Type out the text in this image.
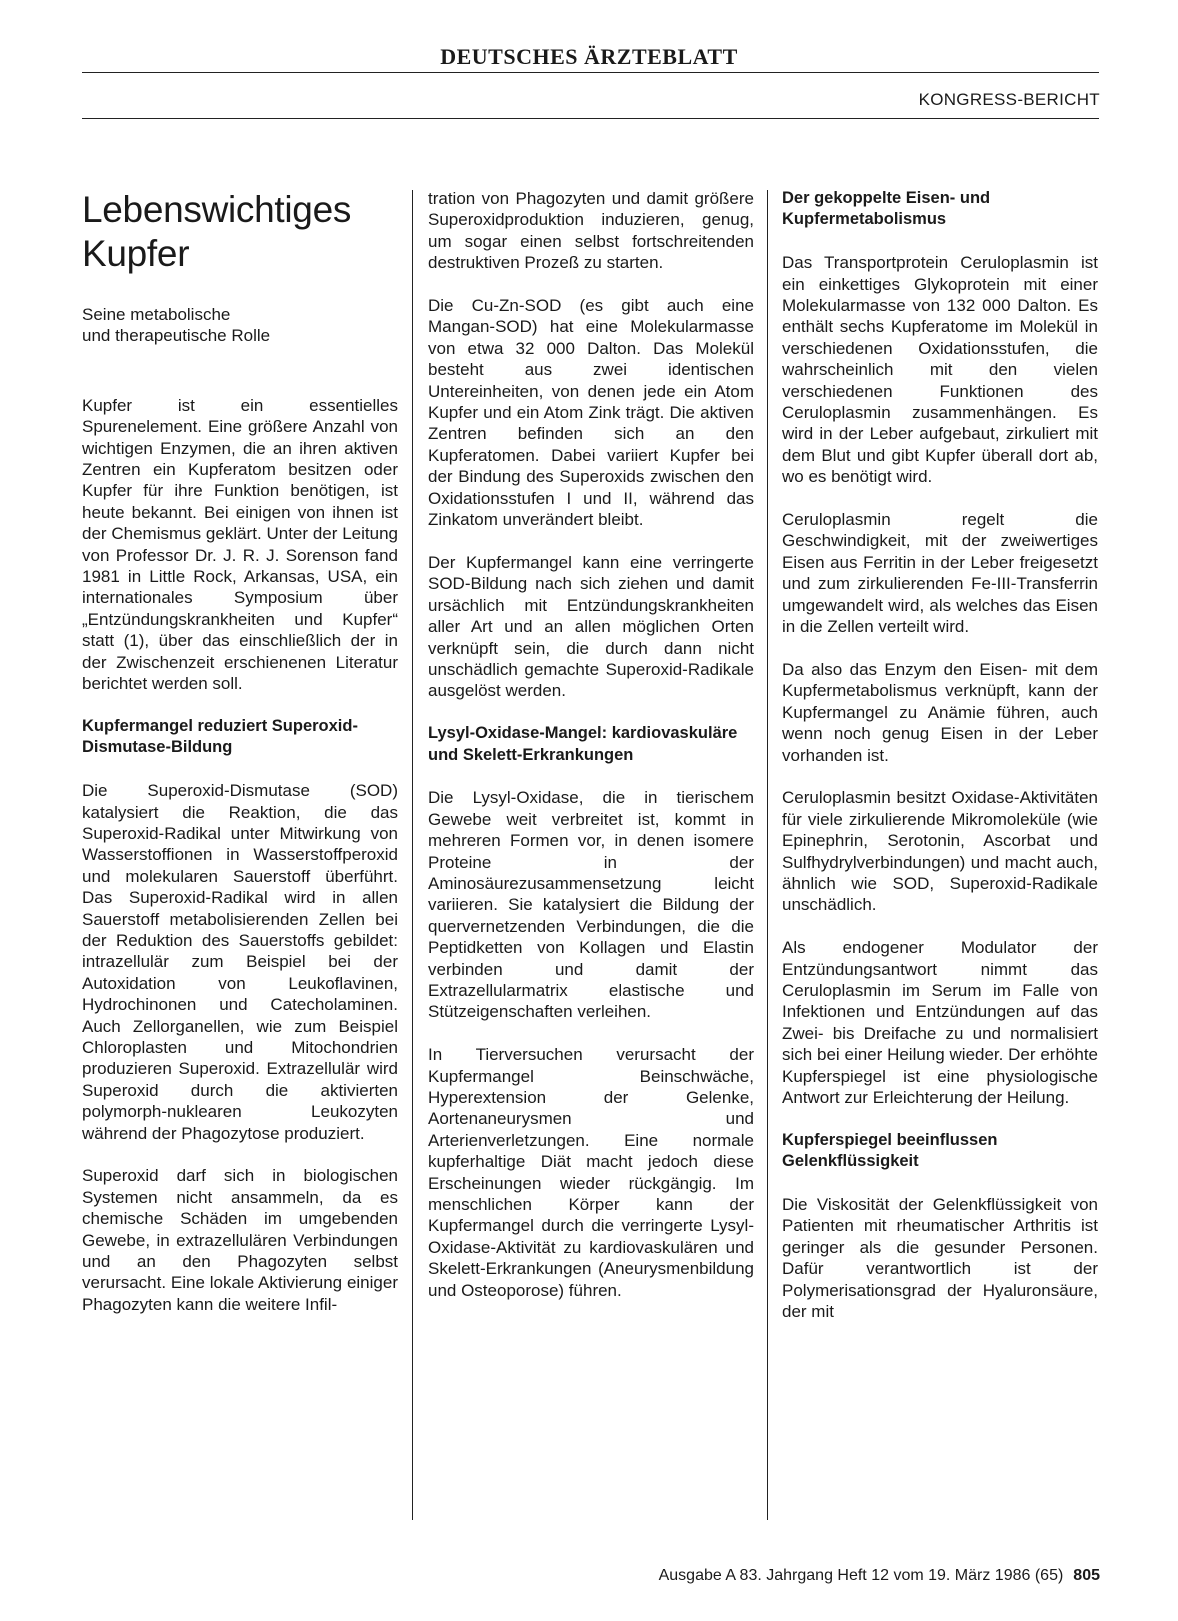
DEUTSCHES ÄRZTEBLATT
KONGRESS-BERICHT
Lebenswichtiges Kupfer
Seine metabolische
und therapeutische Rolle

Kupfer ist ein essentielles Spurenelement. Eine größere Anzahl von wichtigen Enzymen, die an ihren aktiven Zentren ein Kupferatom besitzen oder Kupfer für ihre Funktion benötigen, ist heute bekannt. Bei einigen von ihnen ist der Chemismus geklärt. Unter der Leitung von Professor Dr. J. R. J. Sorenson fand 1981 in Little Rock, Arkansas, USA, ein internationales Symposium über „Entzündungskrankheiten und Kupfer“ statt (1), über das einschließlich der in der Zwischenzeit erschienenen Literatur berichtet werden soll.

Kupfermangel reduziert Superoxid-Dismutase-Bildung

Die Superoxid-Dismutase (SOD) katalysiert die Reaktion, die das Superoxid-Radikal unter Mitwirkung von Wasserstoffionen in Wasserstoffperoxid und molekularen Sauerstoff überführt. Das Superoxid-Radikal wird in allen Sauerstoff metabolisierenden Zellen bei der Reduktion des Sauerstoffs gebildet: intrazellulär zum Beispiel bei der Autoxidation von Leukoflavinen, Hydrochinonen und Catecholaminen. Auch Zellorganellen, wie zum Beispiel Chloroplasten und Mitochondrien produzieren Superoxid. Extrazellulär wird Superoxid durch die aktivierten polymorph-nuklearen Leukozyten während der Phagozytose produziert.

Superoxid darf sich in biologischen Systemen nicht ansammeln, da es chemische Schäden im umgebenden Gewebe, in extrazellulären Verbindungen und an den Phagozyten selbst verursacht. Eine lokale Aktivierung einiger Phagozyten kann die weitere Infil-

tration von Phagozyten und damit größere Superoxidproduktion induzieren, genug, um sogar einen selbst fortschreitenden destruktiven Prozeß zu starten.

Die Cu-Zn-SOD (es gibt auch eine Mangan-SOD) hat eine Molekularmasse von etwa 32 000 Dalton. Das Molekül besteht aus zwei identischen Untereinheiten, von denen jede ein Atom Kupfer und ein Atom Zink trägt. Die aktiven Zentren befinden sich an den Kupferatomen. Dabei variiert Kupfer bei der Bindung des Superoxids zwischen den Oxidationsstufen I und II, während das Zinkatom unverändert bleibt.

Der Kupfermangel kann eine verringerte SOD-Bildung nach sich ziehen und damit ursächlich mit Entzündungskrankheiten aller Art und an allen möglichen Orten verknüpft sein, die durch dann nicht unschädlich gemachte Superoxid-Radikale ausgelöst werden.

Lysyl-Oxidase-Mangel: kardiovaskuläre und Skelett-Erkrankungen

Die Lysyl-Oxidase, die in tierischem Gewebe weit verbreitet ist, kommt in mehreren Formen vor, in denen isomere Proteine in der Aminosäurezusammensetzung leicht variieren. Sie katalysiert die Bildung der quervernetzenden Verbindungen, die die Peptidketten von Kollagen und Elastin verbinden und damit der Extrazellularmatrix elastische und Stützeigenschaften verleihen.

In Tierversuchen verursacht der Kupfermangel Beinschwäche, Hyperextension der Gelenke, Aortenaneurysmen und Arterienverletzungen. Eine normale kupferhaltige Diät macht jedoch diese Erscheinungen wieder rückgängig. Im menschlichen Körper kann der Kupfermangel durch die verringerte Lysyl-Oxidase-Aktivität zu kardiovaskulären und Skelett-Erkrankungen (Aneurysmenbildung und Osteoporose) führen.

Der gekoppelte Eisen- und Kupfermetabolismus

Das Transportprotein Ceruloplasmin ist ein einkettiges Glykoprotein mit einer Molekularmasse von 132 000 Dalton. Es enthält sechs Kupferatome im Molekül in verschiedenen Oxidationsstufen, die wahrscheinlich mit den vielen verschiedenen Funktionen des Ceruloplasmin zusammenhängen. Es wird in der Leber aufgebaut, zirkuliert mit dem Blut und gibt Kupfer überall dort ab, wo es benötigt wird.

Ceruloplasmin regelt die Geschwindigkeit, mit der zweiwertiges Eisen aus Ferritin in der Leber freigesetzt und zum zirkulierenden Fe-III-Transferrin umgewandelt wird, als welches das Eisen in die Zellen verteilt wird.

Da also das Enzym den Eisen- mit dem Kupfermetabolismus verknüpft, kann der Kupfermangel zu Anämie führen, auch wenn noch genug Eisen in der Leber vorhanden ist.

Ceruloplasmin besitzt Oxidase-Aktivitäten für viele zirkulierende Mikromoleküle (wie Epinephrin, Serotonin, Ascorbat und Sulfhydrylverbindungen) und macht auch, ähnlich wie SOD, Superoxid-Radikale unschädlich.

Als endogener Modulator der Entzündungsantwort nimmt das Ceruloplasmin im Serum im Falle von Infektionen und Entzündungen auf das Zwei- bis Dreifache zu und normalisiert sich bei einer Heilung wieder. Der erhöhte Kupferspiegel ist eine physiologische Antwort zur Erleichterung der Heilung.

Kupferspiegel beeinflussen Gelenkflüssigkeit

Die Viskosität der Gelenkflüssigkeit von Patienten mit rheumatischer Arthritis ist geringer als die gesunder Personen. Dafür verantwortlich ist der Polymerisationsgrad der Hyaluronsäure, der mit

Ausgabe A 83. Jahrgang Heft 12 vom 19. März 1986 (65) 805
